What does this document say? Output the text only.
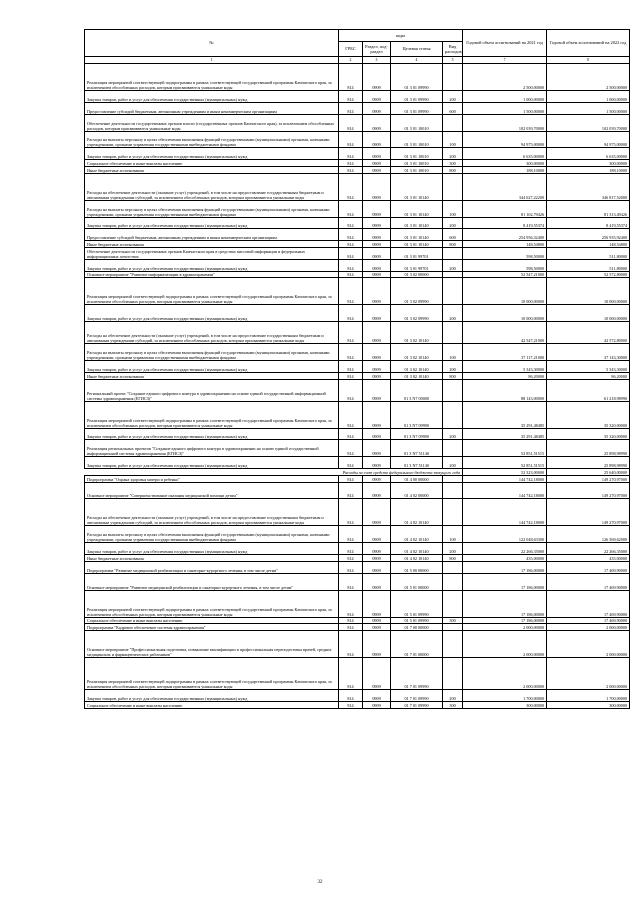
№	коды				Годовой объем ассигнований на 2021 год	Годовой объем ассигнований на 2022 год
	ГРБС	Раздел, под-раздел	Целевая статья	Вид расходов		
1	2	3	4	5	7	8
Реализация мероприятий соответствующей подпрограммы в рамках соответствующей государственной программы Камчатского края, за исключением обособленных расходов, которым присваиваются уникальные коды	814	0909	01 3 01 09990		2 500,00000	2 500,00000
Закупка товаров, работ и услуг для обеспечения государственных (муниципальных) нужд	814	0909	01 3 01 09990	200	1 000,00000	1 000,00000
Предоставление субсидий бюджетным, автономным учреждениям и иным некоммерческим организациям	814	0909	01 3 01 09990	600	1 500,00000	1 500,00000
Обеспечение деятельности государственных органов власти (государственных органов Камчатского края), за исключением обособленных расходов, которым присваиваются уникальные коды	814	0909	01 3 01 10010		102 039,70000	102 039,70000
Расходы на выплаты персоналу в целях обеспечения выполнения функций государственными (муниципальными) органами, казенными учреждениями, органами управления государственными внебюджетными фондами	814	0909	01 3 01 10010	100	94 975,00000	94 975,00000
Закупка товаров, работ и услуг для обеспечения государственных (муниципальных) нужд	814	0909	01 3 01 10010	200	6 635,00000	6 635,00000
Социальное обеспечение и иные выплаты населению	814	0909	01 3 01 10010	300	300,00000	300,00000
Иные бюджетные ассигнования	814	0909	01 3 01 10010	800	188,10000	188,10000
Расходы на обеспечение деятельности (оказание услуг) учреждений, в том числе на предоставление государственным бюджетным и автономным учреждениям субсидий, за исключением обособленных расходов, которым присваиваются уникальные коды	814	0909	01 3 01 10140		344 627,22200	346 817,52000
Расходы на выплаты персоналу в целях обеспечения выполнения функций государственными (муниципальными) органами, казенными учреждениями, органами управления государственными внебюджетными фондами	814	0909	01 3 01 10140	100	81 102,79426	81 313,49426
Закупка товаров, работ и услуг для обеспечения государственных (муниципальных) нужд	814	0909	01 3 01 10140	200	8 419,55374	8 419,55374
Предоставление субсидий бюджетным, автономным учреждениям и иным некоммерческим организациям	814	0909	01 3 01 10140	600	254 956,32400	256 935,92400
Иные бюджетные ассигнования	814	0909	01 3 01 10140	800	148,54800	148,54800
Обеспечение деятельности государственных органов Камчатского края в средствах массовой информации и федеральных информационных агентствах	814	0909	01 3 01 99701		598,50000	511,80000
Закупка товаров, работ и услуг для обеспечения государственных (муниципальных) нужд	814	0909	01 3 01 99701	200	598,50000	511,80000
Основное мероприятие "Развитие информатизации в здравоохранении"	814	0909	01 3 02 00000		52 547,21000	52 572,80000
Реализация мероприятий соответствующей подпрограммы в рамках соответствующей государственной программы Камчатского края, за исключением обособленных расходов, которым присваиваются уникальные коды	814	0909	01 3 02 09990		10 000,00000	10 000,00000
Закупка товаров, работ и услуг для обеспечения государственных (муниципальных) нужд	814	0909	01 3 02 09990	200	10 000,00000	10 000,00000
Расходы на обеспечение деятельности (оказание услуг) учреждений, в том числе на предоставление государственным бюджетным и автономным учреждениям субсидий, за исключением обособленных расходов, которым присваиваются уникальные коды	814	0909	01 3 02 10140		42 547,21000	42 572,80000
Расходы на выплаты персоналу в целях обеспечения выполнения функций государственными (муниципальными) органами, казенными учреждениями, органами управления государственными внебюджетными фондами	814	0909	01 3 02 10140	100	37 117,21000	37 143,30000
Закупка товаров, работ и услуг для обеспечения государственных (муниципальных) нужд	814	0909	01 3 02 10140	200	5 343,30000	5 343,30000
Иные бюджетные ассигнования	814	0909	01 3 02 10140	800	86,20000	86,20000
Региональный проект "Создание единого цифрового контура в здравоохранении на основе единой государственной информационной системы здравоохранения (ЕГИСЗ)"	814	0909	01 3 N7 00000		88 143,00000	61 218,98990
Реализация мероприятий соответствующей подпрограммы в рамках соответствующей государственной программы Камчатского края, за исключением обособленных расходов, которым присваиваются уникальные коды	814	0909	01 3 N7 09990		35 291,48485	35 320,00000
Закупка товаров, работ и услуг для обеспечения государственных (муниципальных) нужд	814	0909	01 3 N7 09990	200	35 291,48485	35 320,00000
Реализация региональных проектов "Создание единого цифрового контура в здравоохранении на основе единой государственной информационной системы здравоохранения (ЕГИСЗ)"	814	0909	01 3 N7 51140		52 851,51515	25 898,98990
Закупка товаров, работ и услуг для обеспечения государственных (муниципальных) нужд	814	0909	01 3 N7 51140	200	52 851,51515	25 898,98990
Расходы за счет средств федерального бюджета текущего года					52 323,00000	25 640,00000
Подпрограмма "Охрана здоровья матери и ребенка"	814	0909	01 4 00 00000		144 742,18000	149 270,97000
Основное мероприятие "Совершенствование оказания медицинской помощи детям"	814	0909	01 4 02 00000		144 742,18000	149 270,97000
Расходы на обеспечение деятельности (оказание услуг) учреждений, в том числе на предоставление государственным бюджетным и автономным учреждениям субсидий, за исключением обособленных расходов, которым присваиваются уникальные коды	814	0909	01 4 02 10140		144 742,18000	149 270,97000
Расходы на выплаты персоналу в целях обеспечения выполнения функций государственными (муниципальными) органами, казенными учреждениями, органами управления государственными внебюджетными фондами	814	0909	01 4 02 10140	100	122 048,63300	126 569,62000
Закупка товаров, работ и услуг для обеспечения государственных (муниципальных) нужд	814	0909	01 4 02 10140	200	22 266,35000	22 266,35000
Иные бюджетные ассигнования	814	0909	01 4 02 10140	800	435,00000	435,00000
Подпрограмма "Развитие медицинской реабилитации и санаторно-курортного лечения, в том числе детям"	814	0909	01 5 00 00000		17 186,00000	17 469,90000
Основное мероприятие "Развитие медицинской реабилитации и санаторно-курортного лечения, в том числе детям"	814	0909	01 5 01 00000		17 186,00000	17 469,90000
Реализация мероприятий соответствующей подпрограммы в рамках соответствующей государственной программы Камчатского края, за исключением обособленных расходов, которым присваиваются уникальные коды	814	0909	01 5 01 09990		17 186,00000	17 469,90000
Социальное обеспечение и иные выплаты населению	814	0909	01 5 01 09990	300	17 186,00000	17 469,90000
Подпрограмма "Кадровое обеспечение системы здравоохранения"	814	0909	01 7 00 00000		2 000,00000	2 000,00000
Основное мероприятие "Профессиональная подготовка, повышение квалификации и профессиональная переподготовка врачей, средних медицинских и фармацевтических работников"	814	0909	01 7 01 00000		2 000,00000	2 000,00000
Реализация мероприятий соответствующей подпрограммы в рамках соответствующей государственной программы Камчатского края, за исключением обособленных расходов, которым присваиваются уникальные коды	814	0909	01 7 01 09990		2 000,00000	2 000,00000
Закупка товаров, работ и услуг для обеспечения государственных (муниципальных) нужд	814	0909	01 7 01 09990	200	1 700,00000	1 700,00000
Социальное обеспечение и иные выплаты населению	814	0909	01 7 01 09990	300	300,00000	300,00000
32
